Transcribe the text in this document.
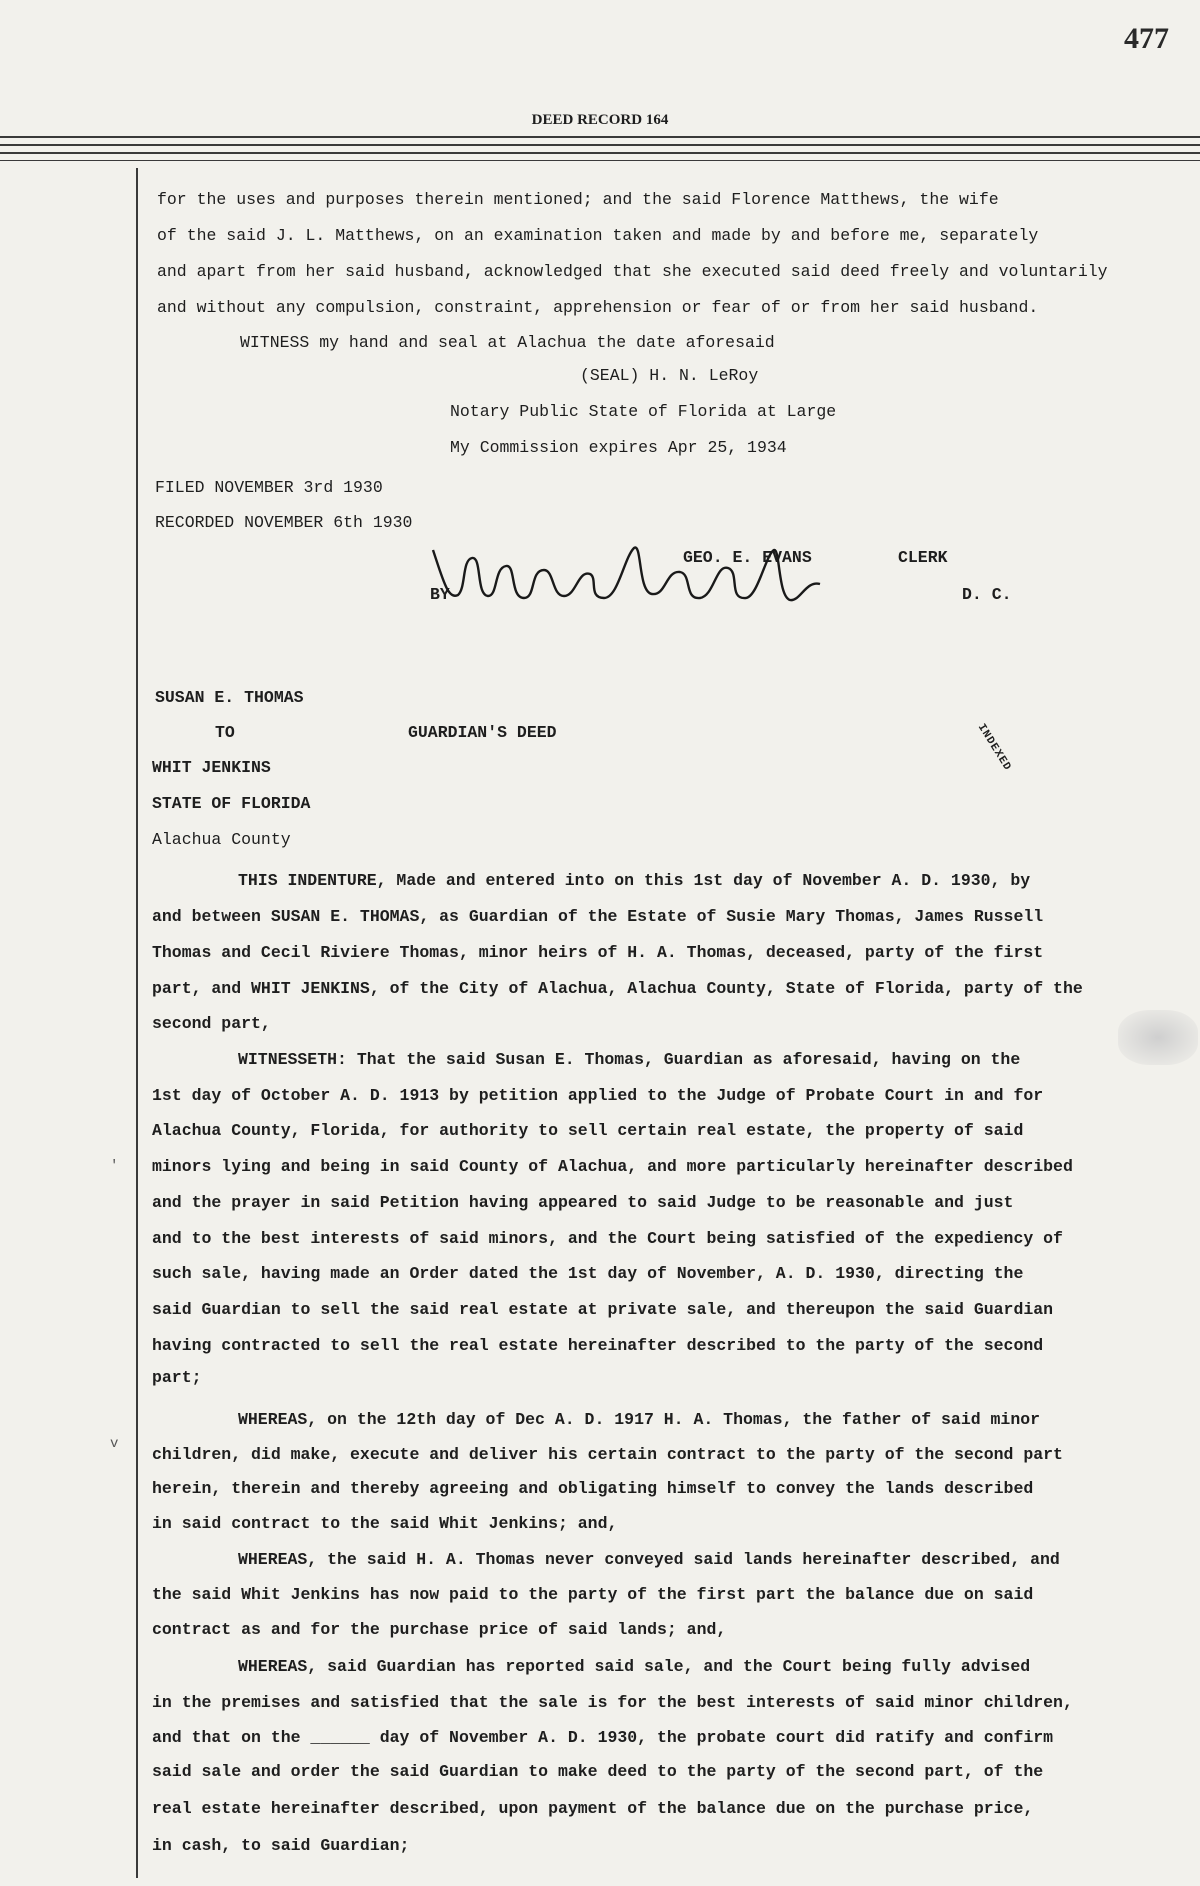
477
DEED RECORD 164
for the uses and purposes therein mentioned; and the said Florence Matthews, the wife
of the said J. L. Matthews, on an examination taken and made by and before me, separately
and apart from her said husband, acknowledged that she executed said deed freely and voluntarily
and without any compulsion, constraint, apprehension or fear of or from her said husband.
WITNESS my hand and seal at Alachua the date aforesaid
(SEAL) H. N. LeRoy
Notary Public State of Florida at Large
My Commission expires Apr 25, 1934
FILED NOVEMBER 3rd 1930
RECORDED NOVEMBER 6th 1930
GEO. E. EVANS	CLERK
BY	D. C.
SUSAN E. THOMAS
TO	GUARDIAN'S DEED
WHIT JENKINS
STATE OF FLORIDA
Alachua County
INDEXED
THIS INDENTURE, Made and entered into on this 1st day of November A. D. 1930, by
and between SUSAN E. THOMAS, as Guardian of the Estate of Susie Mary Thomas, James Russell
Thomas and Cecil Riviere Thomas, minor heirs of H. A. Thomas, deceased, party of the first
part, and WHIT JENKINS, of the City of Alachua, Alachua County, State of Florida, party of the
second part,
WITNESSETH: That the said Susan E. Thomas, Guardian as aforesaid, having on the
1st day of October A. D. 1913 by petition applied to the Judge of Probate Court in and for
Alachua County, Florida, for authority to sell certain real estate, the property of said
minors lying and being in said County of Alachua, and more particularly hereinafter described
and the prayer in said Petition having appeared to said Judge to be reasonable and just
and to the best interests of said minors, and the Court being satisfied of the expediency of
such sale, having made an Order dated the 1st day of November, A. D. 1930, directing the
said Guardian to sell the said real estate at private sale, and thereupon the said Guardian
having contracted to sell the real estate hereinafter described to the party of the second
part;
WHEREAS, on the 12th day of Dec A. D. 1917 H. A. Thomas, the father of said minor
children, did make, execute and deliver his certain contract to the party of the second part
herein, therein and thereby agreeing and obligating himself to convey the lands described
in said contract to the said Whit Jenkins; and,
WHEREAS, the said H. A. Thomas never conveyed said lands hereinafter described, and
the said Whit Jenkins has now paid to the party of the first part the balance due on said
contract as and for the purchase price of said lands; and,
WHEREAS, said Guardian has reported said sale, and the Court being fully advised
in the premises and satisfied that the sale is for the best interests of said minor children,
and that on the ______ day of November A. D. 1930, the probate court did ratify and confirm
said sale and order the said Guardian to make deed to the party of the second part, of the
real estate hereinafter described, upon payment of the balance due on the purchase price,
in cash, to said Guardian;
'
v
